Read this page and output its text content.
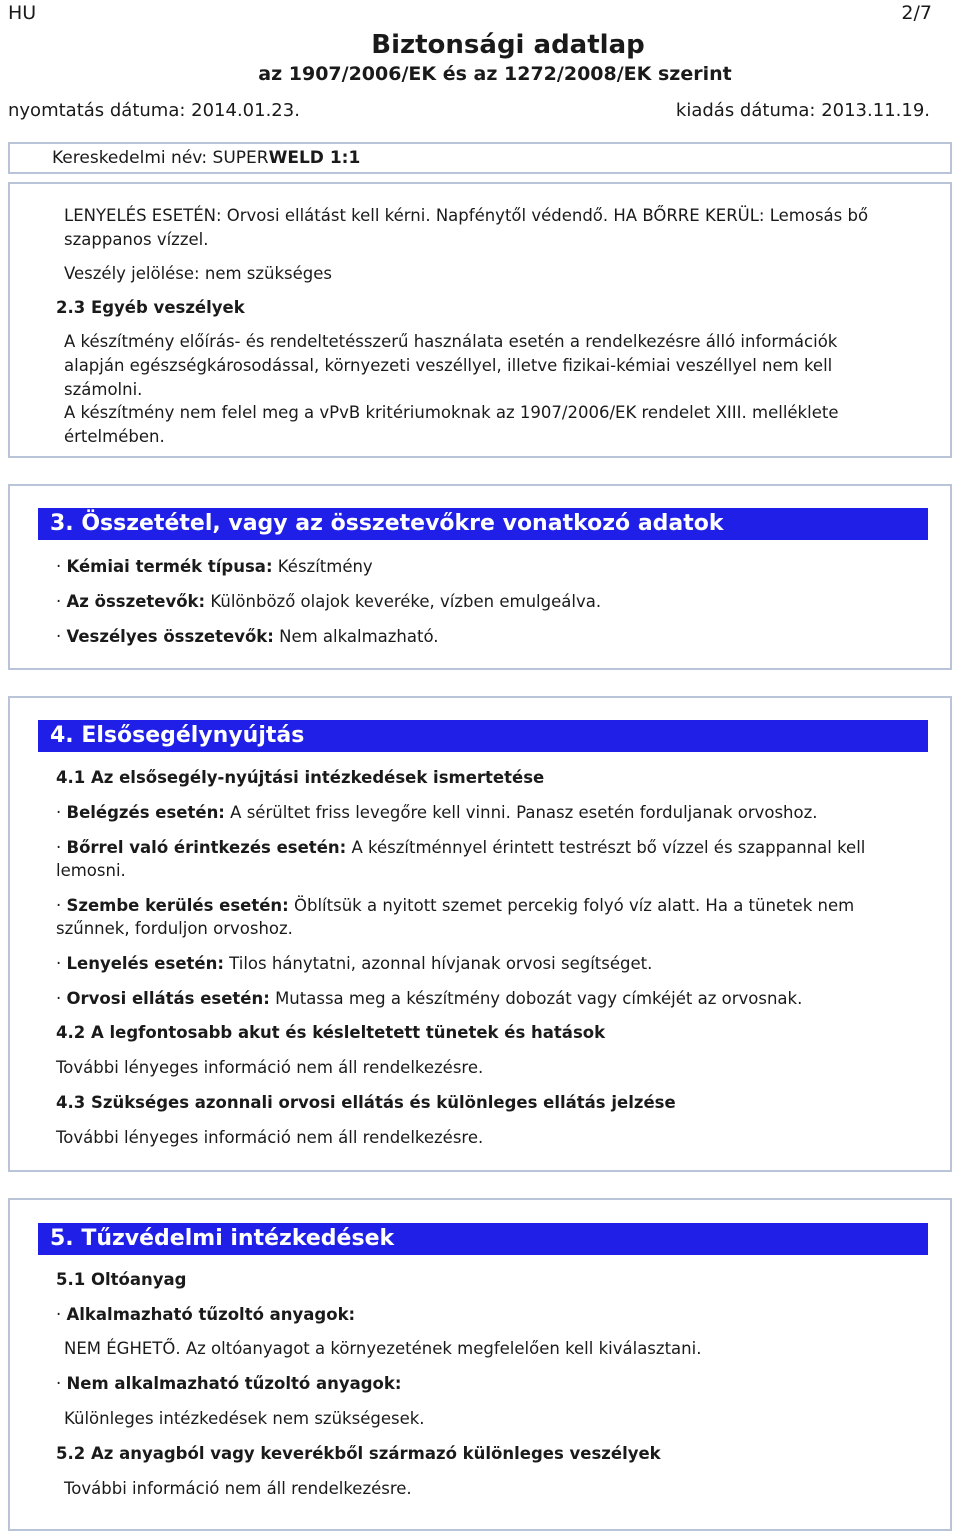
HU	2/7
Biztonsági adatlap
az 1907/2006/EK és az 1272/2008/EK szerint
nyomtatás dátuma: 2014.01.23.	kiadás dátuma: 2013.11.19.
Kereskedelmi név: SUPERWELD 1:1
LENYELÉS ESETÉN: Orvosi ellátást kell kérni. Napfénytől védendő. HA BŐRRE KERÜL: Lemosás bő
szappanos vízzel.
Veszély jelölése: nem szükséges
2.3 Egyéb veszélyek
A készítmény előírás- és rendeltetésszerű használata esetén a rendelkezésre álló információk
alapján egészségkárosodással, környezeti veszéllyel, illetve fizikai-kémiai veszéllyel nem kell
számolni.
A készítmény nem felel meg a vPvB kritériumoknak az 1907/2006/EK rendelet XIII. melléklete
értelmében.
3. Összetétel, vagy az összetevőkre vonatkozó adatok
· Kémiai termék típusa: Készítmény
· Az összetevők: Különböző olajok keveréke, vízben emulgeálva.
· Veszélyes összetevők: Nem alkalmazható.
4. Elsősegélynyújtás
4.1 Az elsősegély-nyújtási intézkedések ismertetése
· Belégzés esetén: A sérültet friss levegőre kell vinni. Panasz esetén forduljanak orvoshoz.
· Bőrrel való érintkezés esetén: A készítménnyel érintett testrészt bő vízzel és szappannal kell
lemosni.
· Szembe kerülés esetén: Öblítsük a nyitott szemet percekig folyó víz alatt. Ha a tünetek nem
szűnnek, forduljon orvoshoz.
· Lenyelés esetén: Tilos hánytatni, azonnal hívjanak orvosi segítséget.
· Orvosi ellátás esetén: Mutassa meg a készítmény dobozát vagy címkéjét az orvosnak.
4.2 A legfontosabb akut és késleltetett tünetek és hatások
További lényeges információ nem áll rendelkezésre.
4.3 Szükséges azonnali orvosi ellátás és különleges ellátás jelzése
További lényeges információ nem áll rendelkezésre.
5. Tűzvédelmi intézkedések
5.1 Oltóanyag
· Alkalmazható tűzoltó anyagok:
NEM ÉGHETŐ. Az oltóanyagot a környezetének megfelelően kell kiválasztani.
· Nem alkalmazható tűzoltó anyagok:
Különleges intézkedések nem szükségesek.
5.2 Az anyagból vagy keverékből származó különleges veszélyek
További információ nem áll rendelkezésre.
